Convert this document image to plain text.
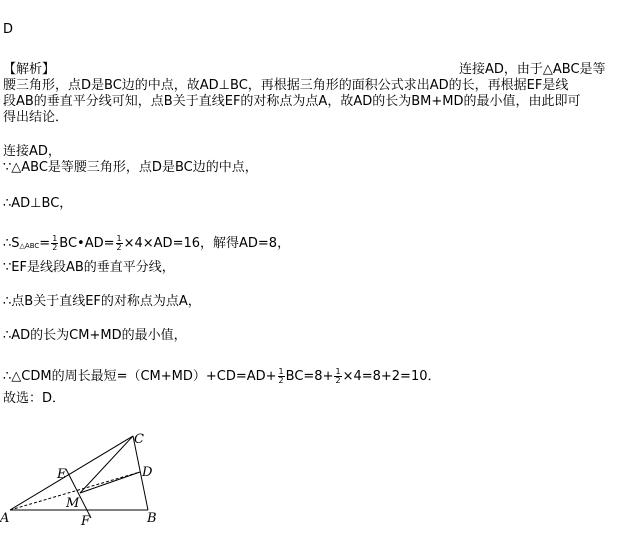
D
【解析】	连接AD，由于△ABC是等
腰三角形，点D是BC边的中点，故AD⊥BC，再根据三角形的面积公式求出AD的长，再根据EF是线
段AB的垂直平分线可知，点B关于直线EF的对称点为点A，故AD的长为BM+MD的最小值，由此即可
得出结论．
连接AD，
∵△ABC是等腰三角形，点D是BC边的中点，
∴AD⊥BC，
∴S△ABC= $\frac{1}{2}$ BC•AD= $\frac{1}{2} \times 4\times AD=16$，解得AD=8，
∵EF是线段AB的垂直平分线，
∴点B关于直线EF的对称点为点A，
∴AD的长为CM+MD的最小值，
∴△CDM的周长最短$=(CM+MD)+CD=AD+ \frac{1}{2} BC=8+ \frac{1}{2} \times 4=8+2=10$．
故选：D．
A	B
C
D
E
F
M
